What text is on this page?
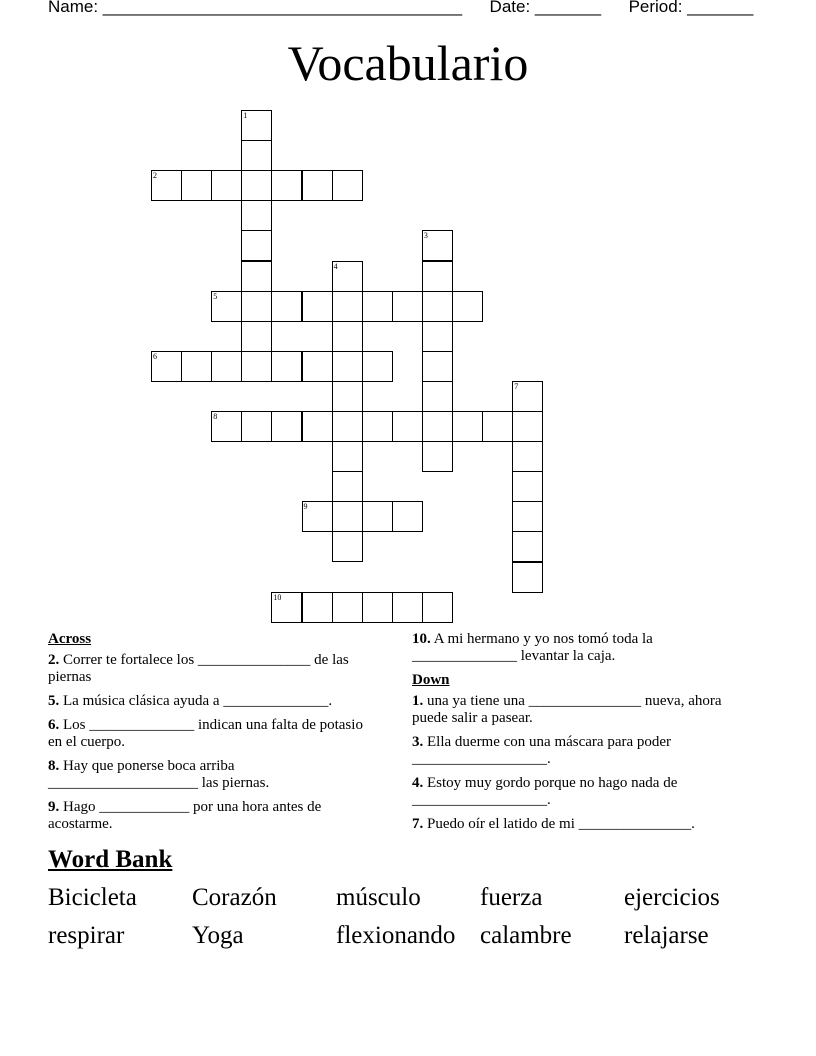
Name: ______________________________________ Date: _______ Period: _______
Vocabulario
1
2
3
4
5
6
7
8
9
10
Across
2. Correr te fortalece los _______________ de las piernas
5. La música clásica ayuda a ______________.
6. Los ______________ indican una falta de potasio en el cuerpo.
8. Hay que ponerse boca arriba ____________________ las piernas.
9. Hago ____________ por una hora antes de acostarme.
10. A mi hermano y yo nos tomó toda la ______________ levantar la caja.
Down
1. una ya tiene una _______________ nueva, ahora puede salir a pasear.
3. Ella duerme con una máscara para poder __________________.
4. Estoy muy gordo porque no hago nada de __________________.
7. Puedo oír el latido de mi _______________.
Word Bank
Bicicleta Corazón músculo fuerza	ejercicios
respirar	Yoga	flexionando calambre relajarse
